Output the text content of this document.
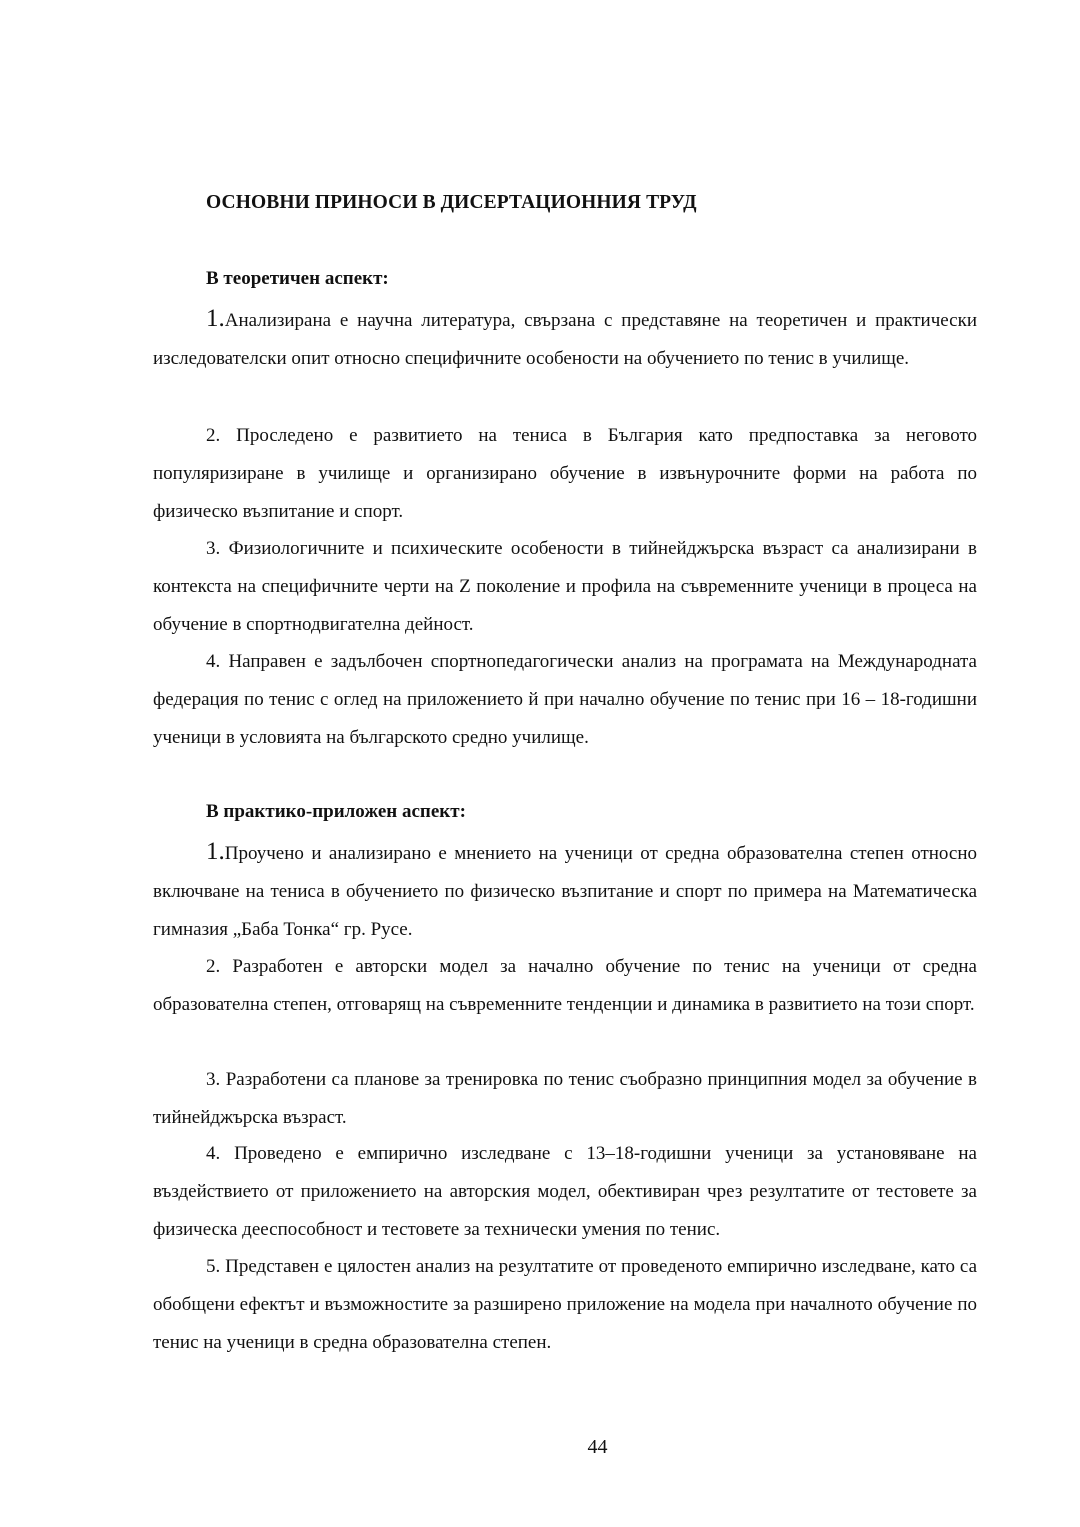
ОСНОВНИ ПРИНОСИ В ДИСЕРТАЦИОННИЯ ТРУД
В теоретичен аспект:

1.Анализирана е научна литература, свързана с представяне на теоретичен и практически изследователски опит относно специфичните особености на обучението по тенис в училище.

2. Проследено е развитието на тениса в България като предпоставка за неговото популяризиране в училище и организирано обучение в извънурочните форми на работа по физическо възпитание и спорт.

3. Физиологичните и психическите особености в тийнейджърска възраст са анализирани в контекста на специфичните черти на Z поколение и профила на съвременните ученици в процеса на обучение в спортнодвигателна дейност.

4. Направен е задълбочен спортнопедагогически анализ на програмата на Международната федерация по тенис с оглед на приложението й при начално обучение по тенис при 16 – 18-годишни ученици в условията на българското средно училище.

В практико-приложен аспект:

1.Проучено и анализирано е мнението на ученици от средна образователна степен относно включване на тениса в обучението по физическо възпитание и спорт по примера на Математическа гимназия „Баба Тонка“ гр. Русе.

2. Разработен е авторски модел за начално обучение по тенис на ученици от средна образователна степен, отговарящ на съвременните тенденции и динамика в развитието на този спорт.

3. Разработени са планове за тренировка по тенис съобразно принципния модел за обучение в тийнейджърска възраст.

4. Проведено е емпирично изследване с 13–18-годишни ученици за установяване на въздействието от приложението на авторския модел, обективиран чрез резултатите от тестовете за физическа дееспособност и тестовете за технически умения по тенис.

5. Представен е цялостен анализ на резултатите от проведеното емпирично изследване, като са обобщени ефектът и възможностите за разширено приложение на модела при началното обучение по тенис на ученици в средна образователна степен.

44
